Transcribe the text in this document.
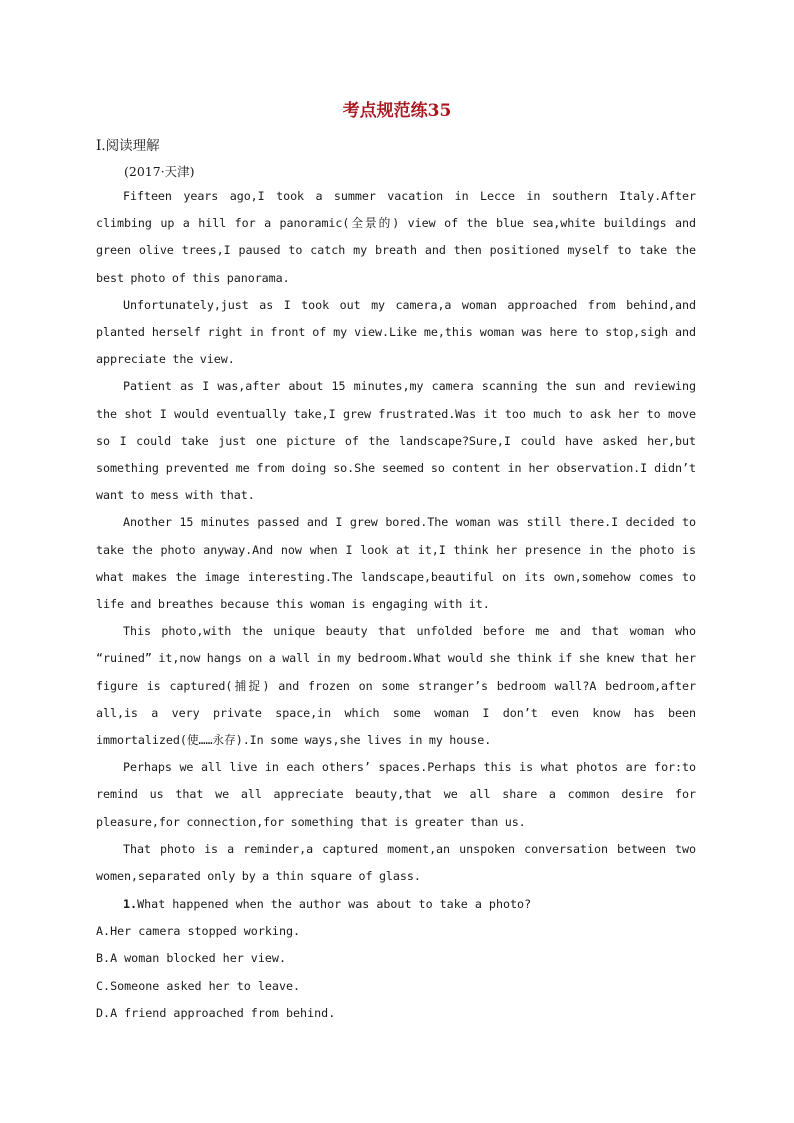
考点规范练35
Ⅰ.阅读理解
(2017·天津)

Fifteen years ago,I took a summer vacation in Lecce in southern Italy.After climbing up a hill for a panoramic(全景的) view of the blue sea,white buildings and green olive trees,I paused to catch my breath and then positioned myself to take the best photo of this panorama.

Unfortunately,just as I took out my camera,a woman approached from behind,and planted herself right in front of my view.Like me,this woman was here to stop,sigh and appreciate the view.

Patient as I was,after about 15 minutes,my camera scanning the sun and reviewing the shot I would eventually take,I grew frustrated.Was it too much to ask her to move so I could take just one picture of the landscape?Sure,I could have asked her,but something prevented me from doing so.She seemed so content in her observation.I didn’t want to mess with that.

Another 15 minutes passed and I grew bored.The woman was still there.I decided to take the photo anyway.And now when I look at it,I think her presence in the photo is what makes the image interesting.The landscape,beautiful on its own,somehow comes to life and breathes because this woman is engaging with it.

This photo,with the unique beauty that unfolded before me and that woman who “ruined” it,now hangs on a wall in my bedroom.What would she think if she knew that her figure is captured(捕捉) and frozen on some stranger’s bedroom wall?A bedroom,after all,is a very private space,in which some woman I don’t even know has been immortalized(使……永存).In some ways,she lives in my house.

Perhaps we all live in each others’ spaces.Perhaps this is what photos are for:to remind us that we all appreciate beauty,that we all share a common desire for pleasure,for connection,for something that is greater than us.

That photo is a reminder,a captured moment,an unspoken conversation between two women,separated only by a thin square of glass.

1.What happened when the author was about to take a photo?

A.Her camera stopped working.

B.A woman blocked her view.

C.Someone asked her to leave.

D.A friend approached from behind.
